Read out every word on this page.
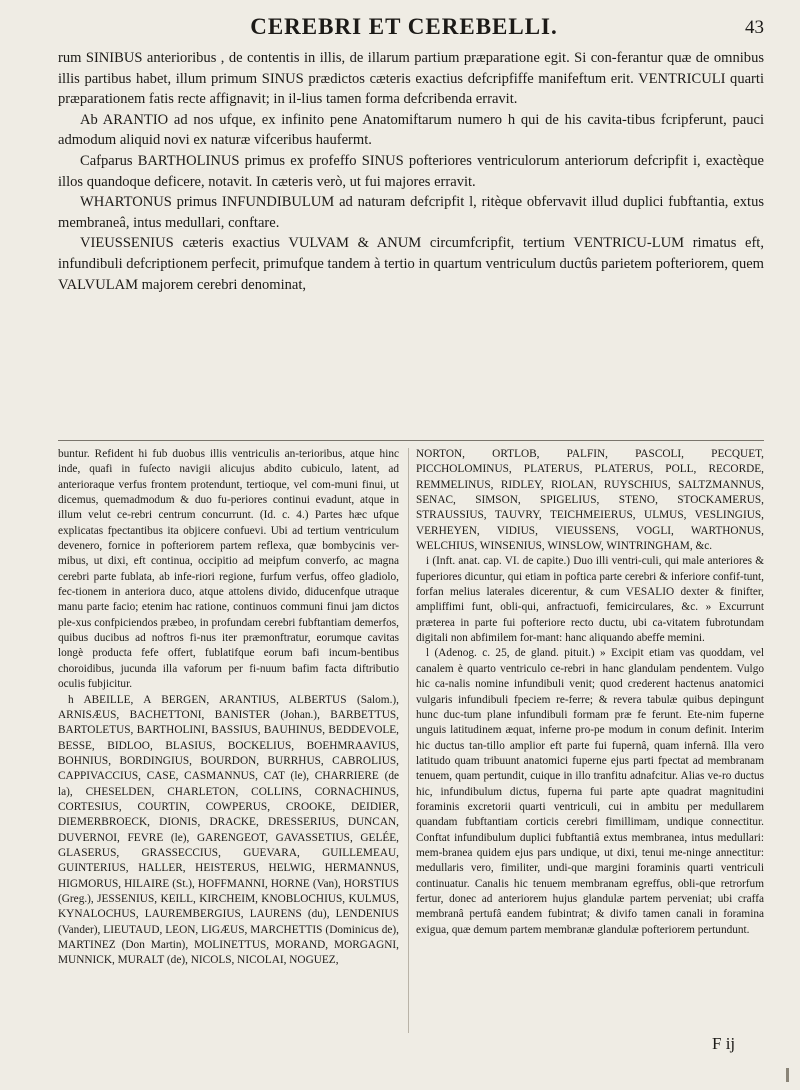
CEREBRI ET CEREBELLI.	43

rum SINIBUS anterioribus , de contentis in illis, de illarum partium præparatione egit. Si con-ferantur quæ de omnibus illis partibus habet, illum primum SINUS prædictos cæteris exactius defcripfiffe manifeftum erit. VENTRICULI quarti præparationem fatis recte affignavit; in il-lius tamen forma defcribenda erravit.

Ab ARANTIO ad nos ufque, ex infinito pene Anatomiftarum numero h qui de his cavita-tibus fcripferunt, pauci admodum aliquid novi ex naturæ vifceribus haufermt.

Cafparus BARTHOLINUS primus ex profeffo SINUS pofteriores ventriculorum anteriorum defcripfit i, exactèque illos quandoque deficere, notavit. In cæteris verò, ut fui majores erravit.

WHARTONUS primus INFUNDIBULUM ad naturam defcripfit l, ritèque obfervavit illud duplici fubftantia, extus membraneâ, intus medullari, conftare.

VIEUSSENIUS cæteris exactius VULVAM & ANUM circumfcripfit, tertium VENTRICU-LUM rimatus eft, infundibuli defcriptionem perfecit, primufque tandem à tertio in quartum ventriculum ductûs parietem pofteriorem, quem VALVULAM majorem cerebri denominat,

buntur. Refident hi fub duobus illis ventriculis an-terioribus, atque hinc inde, quafi in fuſecto navigii alicujus abdito cubiculo, latent, ad anterioraque verfus frontem protendunt, tertioque, vel com-muni finui, ut dicemus, quemadmodum & duo fu-periores continui evadunt, atque in illum velut ce-rebri centrum concurrunt. (Id. c. 4.) Partes hæc ufque explicatas fpectantibus ita objicere confuevi. Ubi ad tertium ventriculum devenero, fornice in pofteriorem partem reflexa, quæ bombycinis ver-mibus, ut dixi, eft continua, occipitio ad meipfum converfo, ac magna cerebri parte fublata, ab infe-riori regione, furfum verfus, offeo gladiolo, fec-tionem in anteriora duco, atque attolens divido, diducenfque utraque manu parte facio; etenim hac ratione, continuos communi finui jam dictos ple-xus confpiciendos præbeo, in profundam cerebri fubftantiam demerfos, quibus ducibus ad noftros fi-nus iter præmonftratur, eorumque cavitas longè producta fefe offert, fublatifque eorum bafi incum-bentibus choroidibus, jucunda illa vaforum per fi-nuum bafim facta diftributio oculis fubjicitur.

h ABEILLE, A BERGEN, ARANTIUS, ALBERTUS (Salom.), ARNISÆUS, BACHETTONI, BANISTER (Johan.), BARBETTUS, BARTOLETUS, BARTHOLINI, BASSIUS, BAUHINUS, BEDDEVOLE, BESSE, BIDLOO, BLASIUS, BOCKELIUS, BOEHMRAAVIUS, BOHNIUS, BORDINGIUS, BOURDON, BURRHUS, CABROLIUS, CAPPIVACCIUS, CASE, CASMANNUS, CAT (le), CHARRIERE (de la), CHESELDEN, CHARLETON, COLLINS, CORNACHINUS, CORTESIUS, COURTIN, COWPERUS, CROOKE, DEIDIER, DIEMERBROECK, DIONIS, DRACKE, DRESSERIUS, DUNCAN, DUVERNOI, FEVRE (le), GARENGEOT, GAVASSETIUS, GELÉE, GLASERUS, GRASSECCIUS, GUEVARA, GUILLEMEAU, GUINTERIUS, HALLER, HEISTERUS, HELWIG, HERMANNUS, HIGMORUS, HILAIRE (St.), HOFFMANNI, HORNE (Van), HORSTIUS (Greg.), JESSENIUS, KEILL, KIRCHEIM, KNOBLOCHIUS, KULMUS, KYNALOCHUS, LAUREMBERGIUS, LAURENS (du), LENDENIUS (Vander), LIEUTAUD, LEON, LIGÆUS, MARCHETTIS (Dominicus de), MARTINEZ (Don Martin), MOLINETTUS, MORAND, MORGAGNI, MUNNICK, MURALT (de), NICOLS, NICOLAI, NOGUEZ,

NORTON, ORTLOB, PALFIN, PASCOLI, PECQUET, PICCHOLOMINUS, PLATERUS, PLATERUS, POLL, RECORDE, REMMELINUS, RIDLEY, RIOLAN, RUYSCHIUS, SALTZMANNUS, SENAC, SIMSON, SPIGELIUS, STENO, STOCKAMERUS, STRAUSSIUS, TAUVRY, TEICHMEIERUS, ULMUS, VESLINGIUS, VERHEYEN, VIDIUS, VIEUSSENS, VOGLI, WARTHONUS, WELCHIUS, WINSENIUS, WINSLOW, WINTRINGHAM, &c.

i (Inft. anat. cap. VI. de capite.) Duo illi ventri-culi, qui male anteriores & fuperiores dicuntur, qui etiam in poftica parte cerebri & inferiore confif-tunt, forfan melius laterales dicerentur, & cum VESALIO dexter & finifter, ampliffimi funt, obli-qui, anfractuofi, femicirculares, &c. » Excurrunt præterea in parte fui pofteriore recto ductu, ubi ca-vitatem fubrotundam digitali non abfimilem for-mant: hanc aliquando abeffe memini.

l (Adenog. c. 25, de gland. pituit.) » Excipit etiam vas quoddam, vel canalem è quarto ventriculo ce-rebri in hanc glandulam pendentem. Vulgo hic ca-nalis nomine infundibuli venit; quod crederent hactenus anatomici vulgaris infundibuli fpeciem re-ferre; & revera tabulæ quibus depingunt hunc duc-tum plane infundibuli formam præ fe ferunt. Ete-nim fuperne unguis latitudinem æquat, inferne pro-pe modum in conum definit. Interim hic ductus tan-tillo amplior eft parte fui fupernâ, quam infernâ. Illa vero latitudo quam tribuunt anatomici fuperne ejus parti fpectat ad membranam tenuem, quam pertundit, cuique in illo tranfitu adnafcitur. Alias ve-ro ductus hic, infundibulum dictus, fuperna fui parte apte quadrat magnitudini foraminis excretorii quarti ventriculi, cui in ambitu per medullarem quandam fubftantiam corticis cerebri fimillimam, undique connectitur. Conftat infundibulum duplici fubftantiâ extus membranea, intus medullari: mem-branea quidem ejus pars undique, ut dixi, tenui me-ninge annectitur: medullaris vero, fimiliter, undi-que margini foraminis quarti ventriculi continuatur. Canalis hic tenuem membranam egreffus, obli-que retrorfum fertur, donec ad anteriorem hujus glandulæ partem perveniat; ubi craffa membranâ pertufâ eandem fubintrat; & divifo tamen canali in foramina exigua, quæ demum partem membranæ glandulæ pofteriorem pertundunt.

F ij
